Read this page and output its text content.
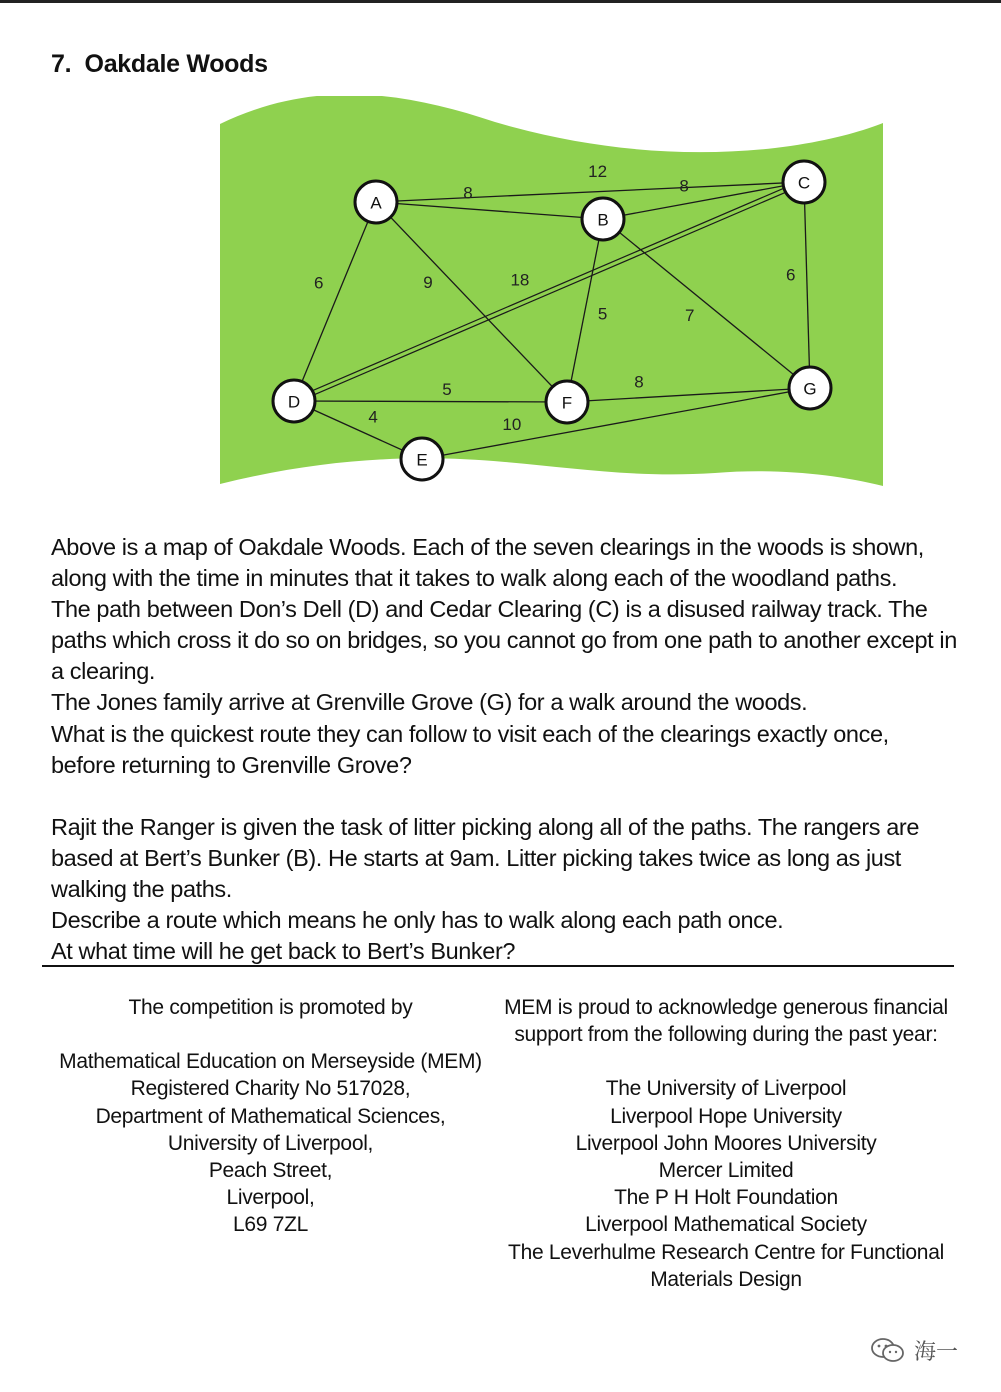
7. Oakdale Woods
12
8	8
6	9	18
5	7
6
5	8
4	10
A
B
C
D
E
F
G

Above is a map of Oakdale Woods. Each of the seven clearings in the woods is shown,

along with the time in minutes that it takes to walk along each of the woodland paths.

The path between Don’s Dell (D) and Cedar Clearing (C) is a disused railway track. The

paths which cross it do so on bridges, so you cannot go from one path to another except in

a clearing.

The Jones family arrive at Grenville Grove (G) for a walk around the woods.

What is the quickest route they can follow to visit each of the clearings exactly once,

before returning to Grenville Grove?

Rajit the Ranger is given the task of litter picking along all of the paths. The rangers are

based at Bert’s Bunker (B). He starts at 9am. Litter picking takes twice as long as just

walking the paths.

Describe a route which means he only has to walk along each path once.

At what time will he get back to Bert’s Bunker?

The competition is promoted by
Mathematical Education on Merseyside (MEM)
Registered Charity No 517028,
Department of Mathematical Sciences,
University of Liverpool,
Peach Street,
Liverpool,
L69 7ZL
MEM is proud to acknowledge generous financial
support from the following during the past year:
The University of Liverpool
Liverpool Hope University
Liverpool John Moores University
Mercer Limited
The P H Holt Foundation
Liverpool Mathematical Society
The Leverhulme Research Centre for Functional
Materials Design
海一
